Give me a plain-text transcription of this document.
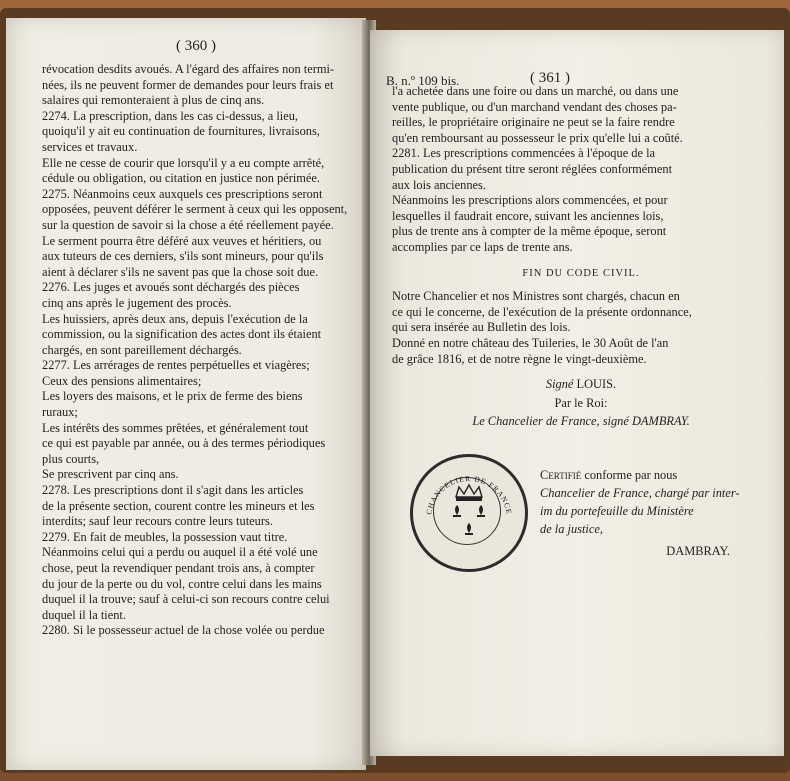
( 360 )
révocation desdits avoués. A l'égard des affaires non termi-
nées, ils ne peuvent former de demandes pour leurs frais et
salaires qui remonteraient à plus de cinq ans.
2274. La prescription, dans les cas ci-dessus, a lieu,
quoiqu'il y ait eu continuation de fournitures, livraisons,
services et travaux.
Elle ne cesse de courir que lorsqu'il y a eu compte arrêté,
cédule ou obligation, ou citation en justice non périmée.
2275. Néanmoins ceux auxquels ces prescriptions seront
opposées, peuvent déférer le serment à ceux qui les opposent,
sur la question de savoir si la chose a été réellement payée.
Le serment pourra être déféré aux veuves et héritiers, ou
aux tuteurs de ces derniers, s'ils sont mineurs, pour qu'ils
aient à déclarer s'ils ne savent pas que la chose soit due.
2276. Les juges et avoués sont déchargés des pièces
cinq ans après le jugement des procès.
Les huissiers, après deux ans, depuis l'exécution de la
commission, ou la signification des actes dont ils étaient
chargés, en sont pareillement déchargés.
2277. Les arrérages de rentes perpétuelles et viagères;
Ceux des pensions alimentaires;
Les loyers des maisons, et le prix de ferme des biens
ruraux;
Les intérêts des sommes prêtées, et généralement tout
ce qui est payable par année, ou à des termes périodiques
plus courts,
Se prescrivent par cinq ans.
2278. Les prescriptions dont il s'agit dans les articles
de la présente section, courent contre les mineurs et les
interdits; sauf leur recours contre leurs tuteurs.
2279. En fait de meubles, la possession vaut titre.
Néanmoins celui qui a perdu ou auquel il a été volé une
chose, peut la revendiquer pendant trois ans, à compter
du jour de la perte ou du vol, contre celui dans les mains
duquel il la trouve; sauf à celui-ci son recours contre celui
duquel il la tient.
2280. Si le possesseur actuel de la chose volée ou perdue
B. n.º 109 bis.	( 361 )
l'a achetée dans une foire ou dans un marché, ou dans une
vente publique, ou d'un marchand vendant des choses pa-
reilles, le propriétaire originaire ne peut se la faire rendre
qu'en remboursant au possesseur le prix qu'elle lui a coûté.
2281. Les prescriptions commencées à l'époque de la
publication du présent titre seront réglées conformément
aux lois anciennes.
Néanmoins les prescriptions alors commencées, et pour
lesquelles il faudrait encore, suivant les anciennes lois,
plus de trente ans à compter de la même époque, seront
accomplies par ce laps de trente ans.
FIN DU CODE CIVIL.
Notre Chancelier et nos Ministres sont chargés, chacun en
ce qui le concerne, de l'exécution de la présente ordonnance,
qui sera insérée au Bulletin des lois.
Donné en notre château des Tuileries, le 30 Août de l'an
de grâce 1816, et de notre règne le vingt-deuxième.
Signé LOUIS.
Par le Roi:
Le Chancelier de France, signé DAMBRAY.
CHANCELIER DE FRANCE
Certifié conforme par nous
Chancelier de France, chargé par inter-
im du portefeuille du Ministère
de la justice,
DAMBRAY.
